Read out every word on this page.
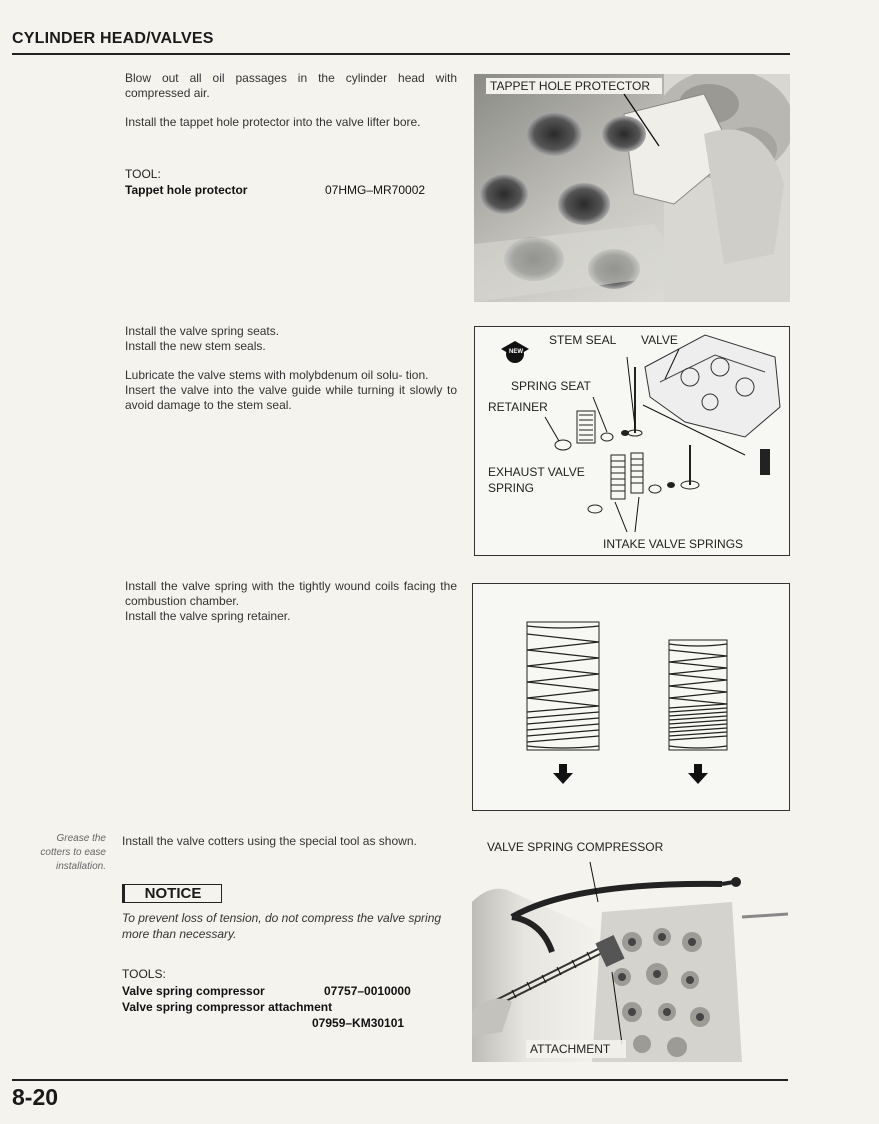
CYLINDER HEAD/VALVES

Blow out all oil passages in the cylinder head with compressed air.

Install the tappet hole protector into the valve lifter bore.

TOOL:
Tappet hole protector	07HMG–MR70002
TAPPET HOLE PROTECTOR

Install the valve spring seats.

Install the new stem seals.

Lubricate the valve stems with molybdenum oil solu- tion.

Insert the valve into the valve guide while turning it slowly to avoid damage to the stem seal.

NEW
STEM SEAL VALVE
SPRING SEAT
RETAINER
EXHAUST VALVE
SPRING
INTAKE VALVE SPRINGS

Install the valve spring with the tightly wound coils facing the combustion chamber.

Install the valve spring retainer.

Grease the
cotters to ease
installation.

Install the valve cotters using the special tool as shown.

NOTICE
To prevent loss of tension, do not compress the valve spring more than necessary.
TOOLS:
Valve spring compressor	07757–0010000
Valve spring compressor attachment
07959–KM30101
VALVE SPRING COMPRESSOR
ATTACHMENT
8-20
